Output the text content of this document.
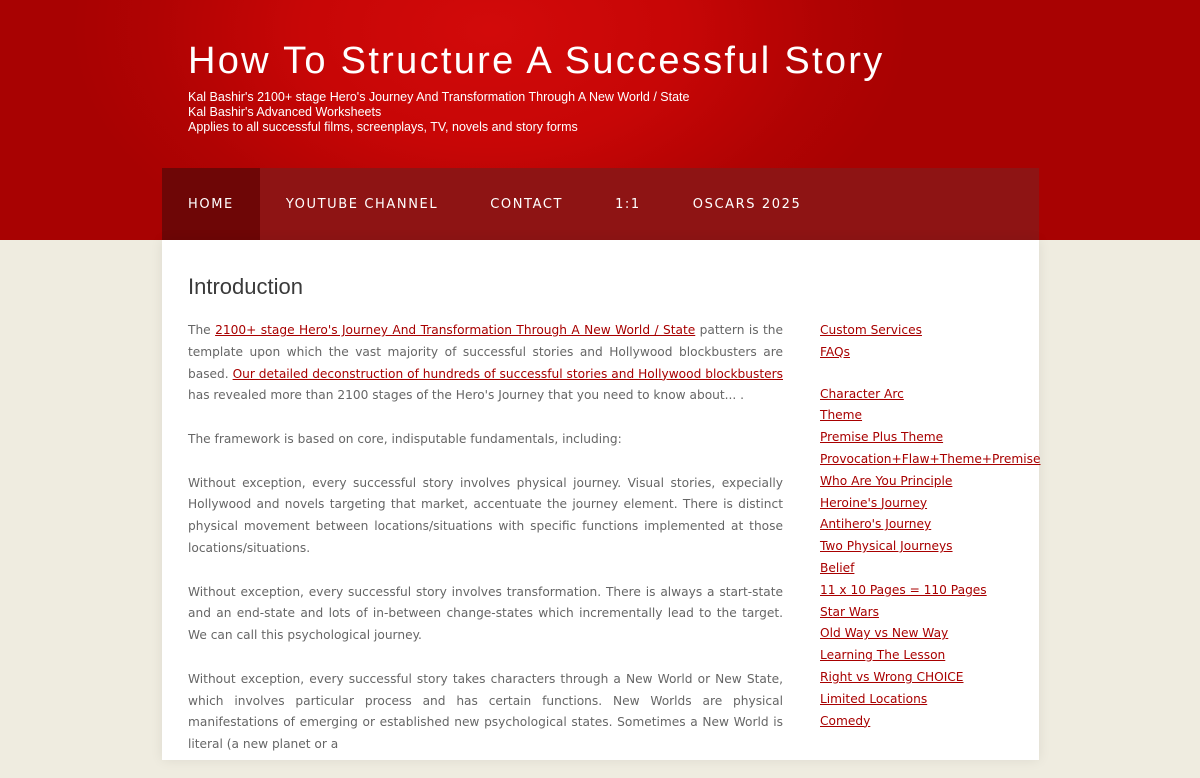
How To Structure A Successful Story
Kal Bashir's 2100+ stage Hero's Journey And Transformation Through A New World / State
Kal Bashir's Advanced Worksheets
Applies to all successful films, screenplays, TV, novels and story forms
HOME	YOUTUBE CHANNEL	CONTACT	1:1	OSCARS 2025
Introduction

The 2100+ stage Hero's Journey And Transformation Through A New World / State pattern is the template upon which the vast majority of successful stories and Hollywood blockbusters are based. Our detailed deconstruction of hundreds of successful stories and Hollywood blockbusters has revealed more than 2100 stages of the Hero's Journey that you need to know about... .

The framework is based on core, indisputable fundamentals, including:

Without exception, every successful story involves physical journey. Visual stories, expecially Hollywood and novels targeting that market, accentuate the journey element. There is distinct physical movement between locations/situations with specific functions implemented at those locations/situations.

Without exception, every successful story involves transformation. There is always a start-state and an end-state and lots of in-between change-states which incrementally lead to the target. We can call this psychological journey.

Without exception, every successful story takes characters through a New World or New State, which involves particular process and has certain functions. New Worlds are physical manifestations of emerging or established new psychological states. Sometimes a New World is literal (a new planet or a

Custom Services
FAQs
Character Arc
Theme
Premise Plus Theme
Provocation+Flaw+Theme+Premise
Who Are You Principle
Heroine's Journey
Antihero's Journey
Two Physical Journeys
Belief
11 x 10 Pages = 110 Pages
Star Wars
Old Way vs New Way
Learning The Lesson
Right vs Wrong CHOICE
Limited Locations
Comedy
